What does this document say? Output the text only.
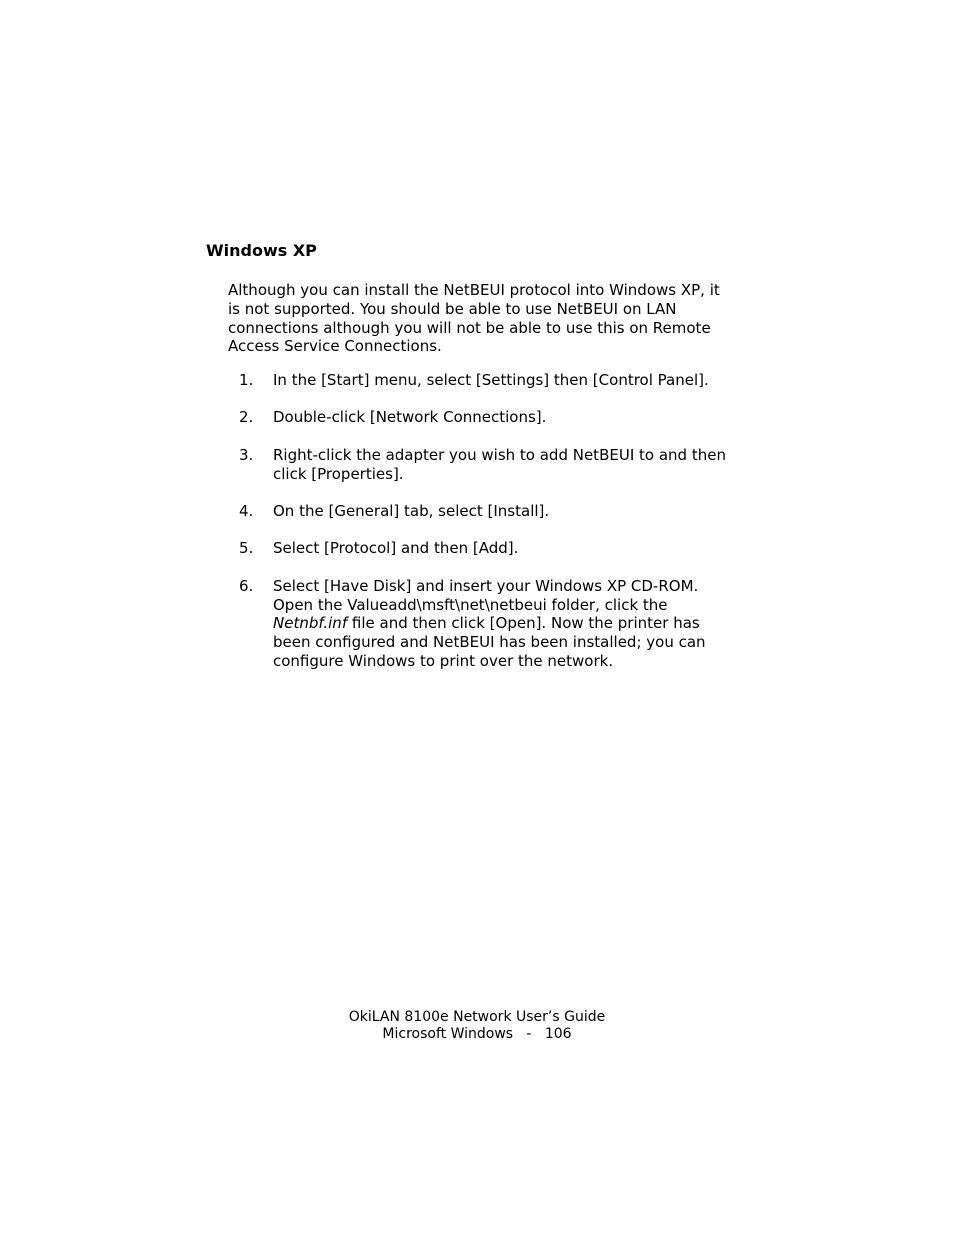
Windows XP
Although you can install the NetBEUI protocol into Windows XP, it
is not supported. You should be able to use NetBEUI on LAN
connections although you will not be able to use this on Remote
Access Service Connections.
1. In the [Start] menu, select [Settings] then [Control Panel].
2. Double-click [Network Connections].
3. Right-click the adapter you wish to add NetBEUI to and then
click [Properties].
4. On the [General] tab, select [Install].
5. Select [Protocol] and then [Add].
6. Select [Have Disk] and insert your Windows XP CD-ROM.
Open the Valueadd\msft\net\netbeui folder, click the
Netnbf.inf file and then click [Open]. Now the printer has
been configured and NetBEUI has been installed; you can
configure Windows to print over the network.
OkiLAN 8100e Network User’s Guide
Microsoft Windows - 106
